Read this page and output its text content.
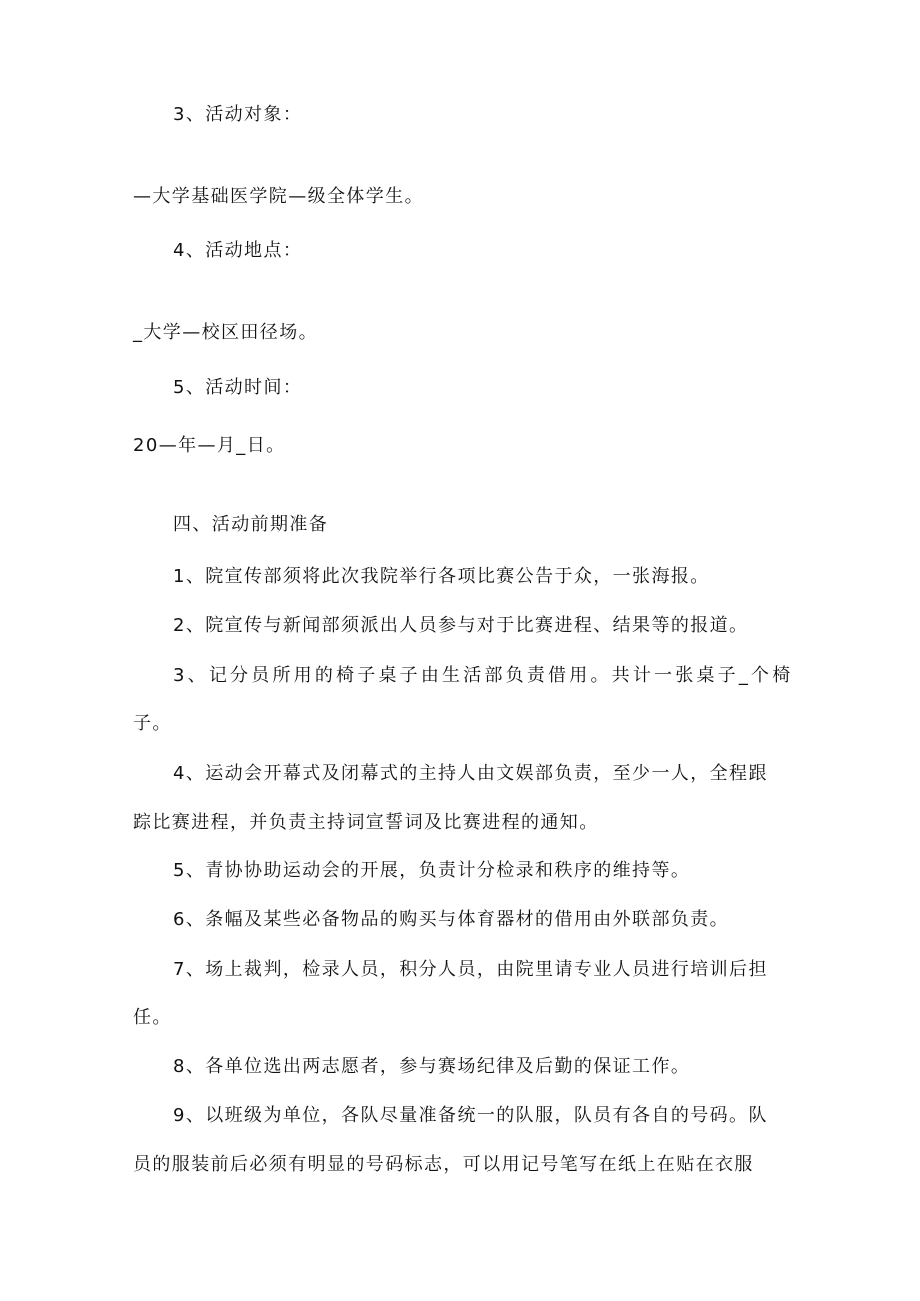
3、活动对象：
—大学基础医学院—级全体学生。
4、活动地点：
_大学—校区田径场。
5、活动时间：
20—年—月_日。
四、活动前期准备
1、院宣传部须将此次我院举行各项比赛公告于众，一张海报。
2、院宣传与新闻部须派出人员参与对于比赛进程、结果等的报道。
3、记分员所用的椅子桌子由生活部负责借用。共计一张桌子_个椅
子。
4、运动会开幕式及闭幕式的主持人由文娱部负责，至少一人，全程跟
踪比赛进程，并负责主持词宣誓词及比赛进程的通知。
5、青协协助运动会的开展，负责计分检录和秩序的维持等。
6、条幅及某些必备物品的购买与体育器材的借用由外联部负责。
7、场上裁判，检录人员，积分人员，由院里请专业人员进行培训后担
任。
8、各单位选出两志愿者，参与赛场纪律及后勤的保证工作。
9、以班级为单位，各队尽量准备统一的队服，队员有各自的号码。队
员的服装前后必须有明显的号码标志，可以用记号笔写在纸上在贴在衣服
